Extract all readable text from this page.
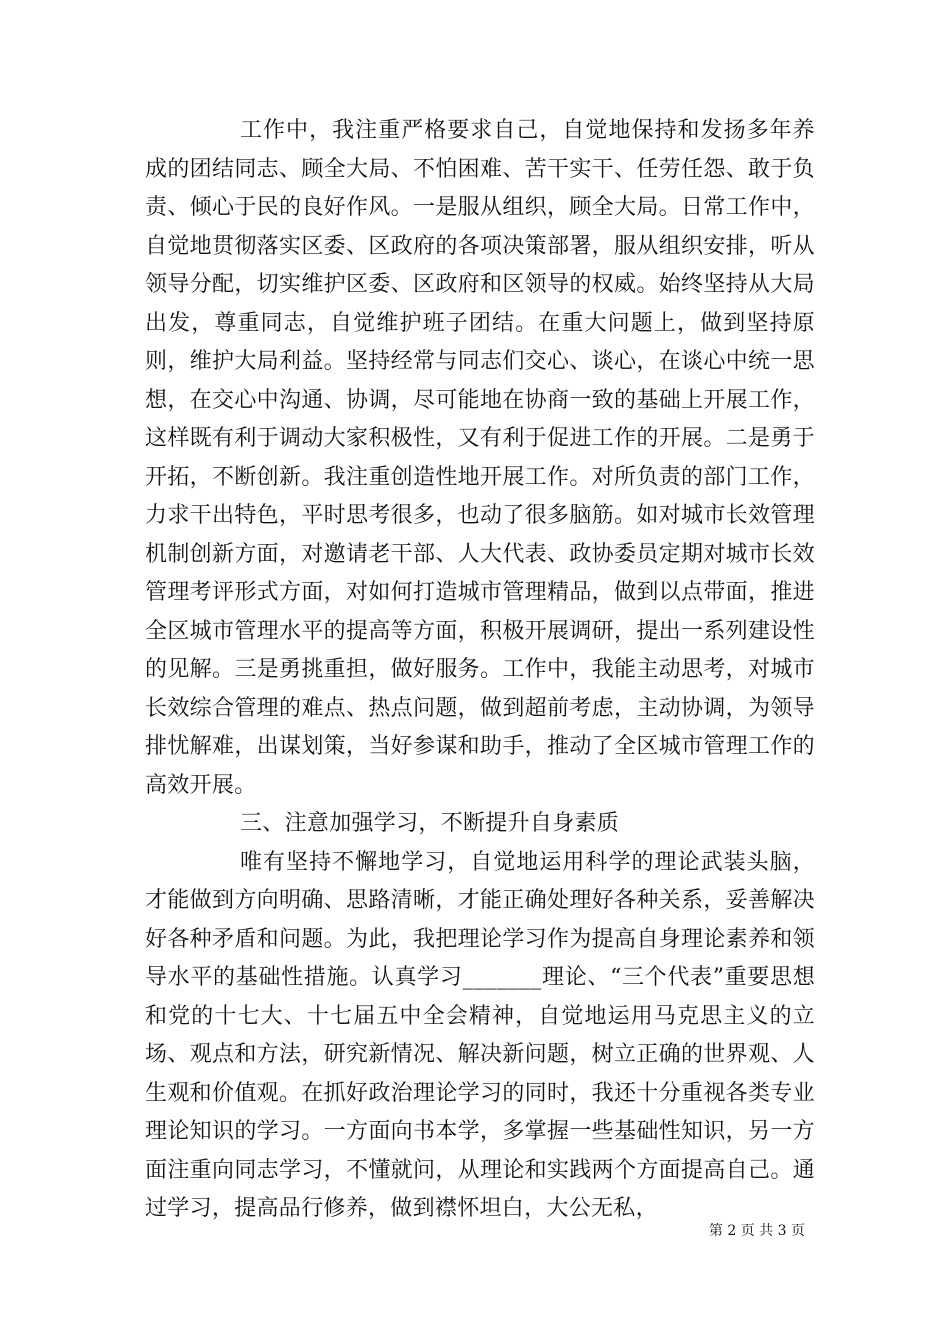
工作中，我注重严格要求自己，自觉地保持和发扬多年养成的团结同志、顾全大局、不怕困难、苦干实干、任劳任怨、敢于负责、倾心于民的良好作风。一是服从组织，顾全大局。日常工作中，自觉地贯彻落实区委、区政府的各项决策部署，服从组织安排，听从领导分配，切实维护区委、区政府和区领导的权威。始终坚持从大局出发，尊重同志，自觉维护班子团结。在重大问题上，做到坚持原则，维护大局利益。坚持经常与同志们交心、谈心，在谈心中统一思想，在交心中沟通、协调，尽可能地在协商一致的基础上开展工作，这样既有利于调动大家积极性，又有利于促进工作的开展。二是勇于开拓，不断创新。我注重创造性地开展工作。对所负责的部门工作，力求干出特色，平时思考很多，也动了很多脑筋。如对城市长效管理机制创新方面，对邀请老干部、人大代表、政协委员定期对城市长效管理考评形式方面，对如何打造城市管理精品，做到以点带面，推进全区城市管理水平的提高等方面，积极开展调研，提出一系列建设性的见解。三是勇挑重担，做好服务。工作中，我能主动思考，对城市长效综合管理的难点、热点问题，做到超前考虑，主动协调，为领导排忧解难，出谋划策，当好参谋和助手，推动了全区城市管理工作的高效开展。

三、注意加强学习，不断提升自身素质

唯有坚持不懈地学习，自觉地运用科学的理论武装头脑，才能做到方向明确、思路清晰，才能正确处理好各种关系，妥善解决好各种矛盾和问题。为此，我把理论学习作为提高自身理论素养和领导水平的基础性措施。认真学习_______理论、“三个代表”重要思想和党的十七大、十七届五中全会精神，自觉地运用马克思主义的立场、观点和方法，研究新情况、解决新问题，树立正确的世界观、人生观和价值观。在抓好政治理论学习的同时，我还十分重视各类专业理论知识的学习。一方面向书本学，多掌握一些基础性知识，另一方面注重向同志学习，不懂就问，从理论和实践两个方面提高自己。通过学习，提高品行修养，做到襟怀坦白，大公无私，

第 2 页 共 3 页
